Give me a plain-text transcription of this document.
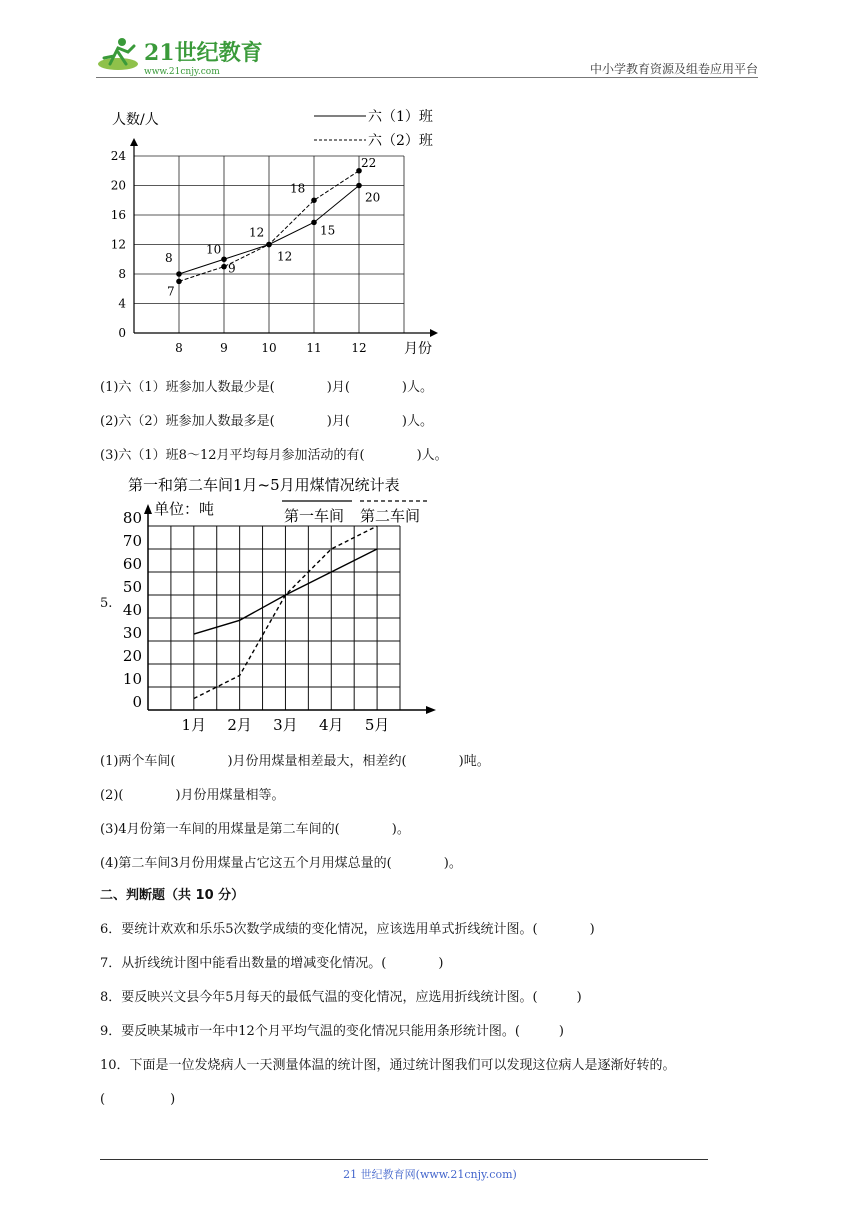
21世纪教育
www.21cnjy.com	中小学教育资源及组卷应用平台
0
4
8
12
16
20
24
8	9	10 11 12
人数/人
月份
六（1）班
六（2）班
8
10
12	15
20
7
9
12
18
22
(1)六（1）班参加人数最少是(　　　　)月(　　　　)人。
(2)六（2）班参加人数最多是(　　　　)月(　　　　)人。
(3)六（1）班8～12月平均每月参加活动的有(　　　　)人。
5.
第一和第二车间1月~5月用煤情况统计表
单位：吨	第一车间 第二车间
0
10
20
30
40
50
60
70
80
1月 2月 3月 4月 5月
(1)两个车间(　　　　)月份用煤量相差最大，相差约(　　　　)吨。
(2)(　　　　)月份用煤量相等。
(3)4月份第一车间的用煤量是第二车间的(　　　　)。
(4)第二车间3月份用煤量占它这五个月用煤总量的(　　　　)。
二、判断题（共 10 分）
6．要统计欢欢和乐乐5次数学成绩的变化情况，应该选用单式折线统计图。(　　　　)
7．从折线统计图中能看出数量的增减变化情况。(　　　　)
8．要反映兴文县今年5月每天的最低气温的变化情况，应选用折线统计图。(　　　)
9．要反映某城市一年中12个月平均气温的变化情况只能用条形统计图。(　　　)
10．下面是一位发烧病人一天测量体温的统计图，通过统计图我们可以发现这位病人是逐渐好转的。
(　　　　　)
21 世纪教育网(www.21cnjy.com)
